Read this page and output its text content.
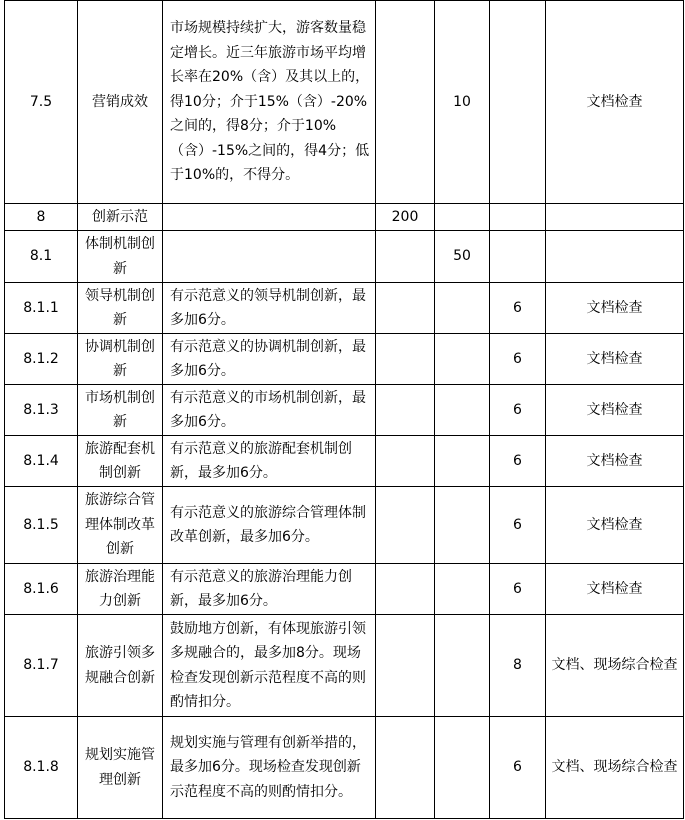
7.5	营销成效	市场规模持续扩大，游客数量稳定增长。近三年旅游市场平均增长率在20%（含）及其以上的，得10分；介于15%（含）-20%之间的，得8分；介于10%（含）-15%之间的，得4分；低于10%的，不得分。		10		文档检查
8	创新示范		200			
8.1	体制机制创新			50		
8.1.1	领导机制创新	有示范意义的领导机制创新，最多加6分。			6	文档检查
8.1.2	协调机制创新	有示范意义的协调机制创新，最多加6分。			6	文档检查
8.1.3	市场机制创新	有示范意义的市场机制创新，最多加6分。			6	文档检查
8.1.4	旅游配套机制创新	有示范意义的旅游配套机制创新，最多加6分。			6	文档检查
8.1.5	旅游综合管理体制改革创新	有示范意义的旅游综合管理体制改革创新，最多加6分。			6	文档检查
8.1.6	旅游治理能力创新	有示范意义的旅游治理能力创新，最多加6分。			6	文档检查
8.1.7	旅游引领多规融合创新	鼓励地方创新，有体现旅游引领多规融合的，最多加8分。现场检查发现创新示范程度不高的则酌情扣分。			8	文档、现场综合检查
8.1.8	规划实施管理创新	规划实施与管理有创新举措的，最多加6分。现场检查发现创新示范程度不高的则酌情扣分。			6	文档、现场综合检查
